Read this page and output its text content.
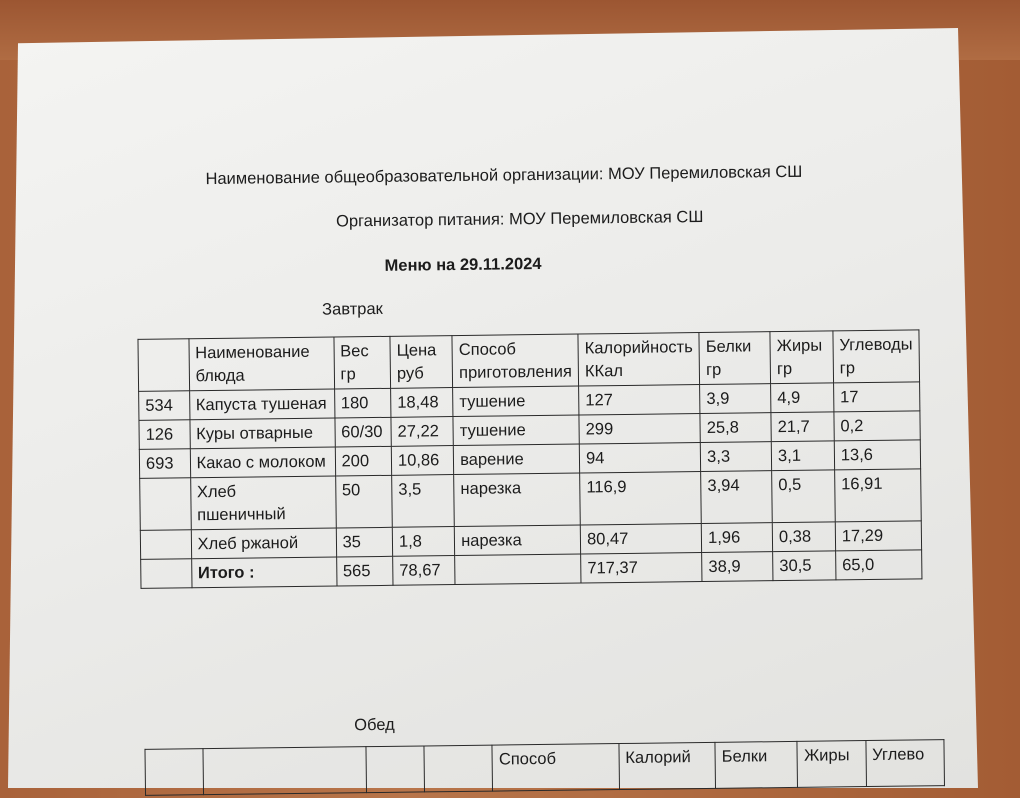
Наименование общеобразовательной организации: МОУ Перемиловская СШ
Организатор питания: МОУ Перемиловская СШ
Меню на 29.11.2024
Завтрак
	Наименование блюда	Вес гр	Цена руб	Способ приготовления	Калорийность ККал	Белки гр	Жиры гр	Углеводы гр
534	Капуста тушеная	180	18,48	тушение	127	3,9	4,9	17
126	Куры отварные	60/30	27,22	тушение	299	25,8	21,7	0,2
693	Какао с молоком	200	10,86	варение	94	3,3	3,1	13,6
	Хлеб пшеничный	50	3,5	нарезка	116,9	3,94	0,5	16,91
	Хлеб ржаной	35	1,8	нарезка	80,47	1,96	0,38	17,29
	Итого :	565	78,67		717,37	38,9	30,5	65,0
Обед
				Способ	Калорий	Белки	Жиры	Углево
